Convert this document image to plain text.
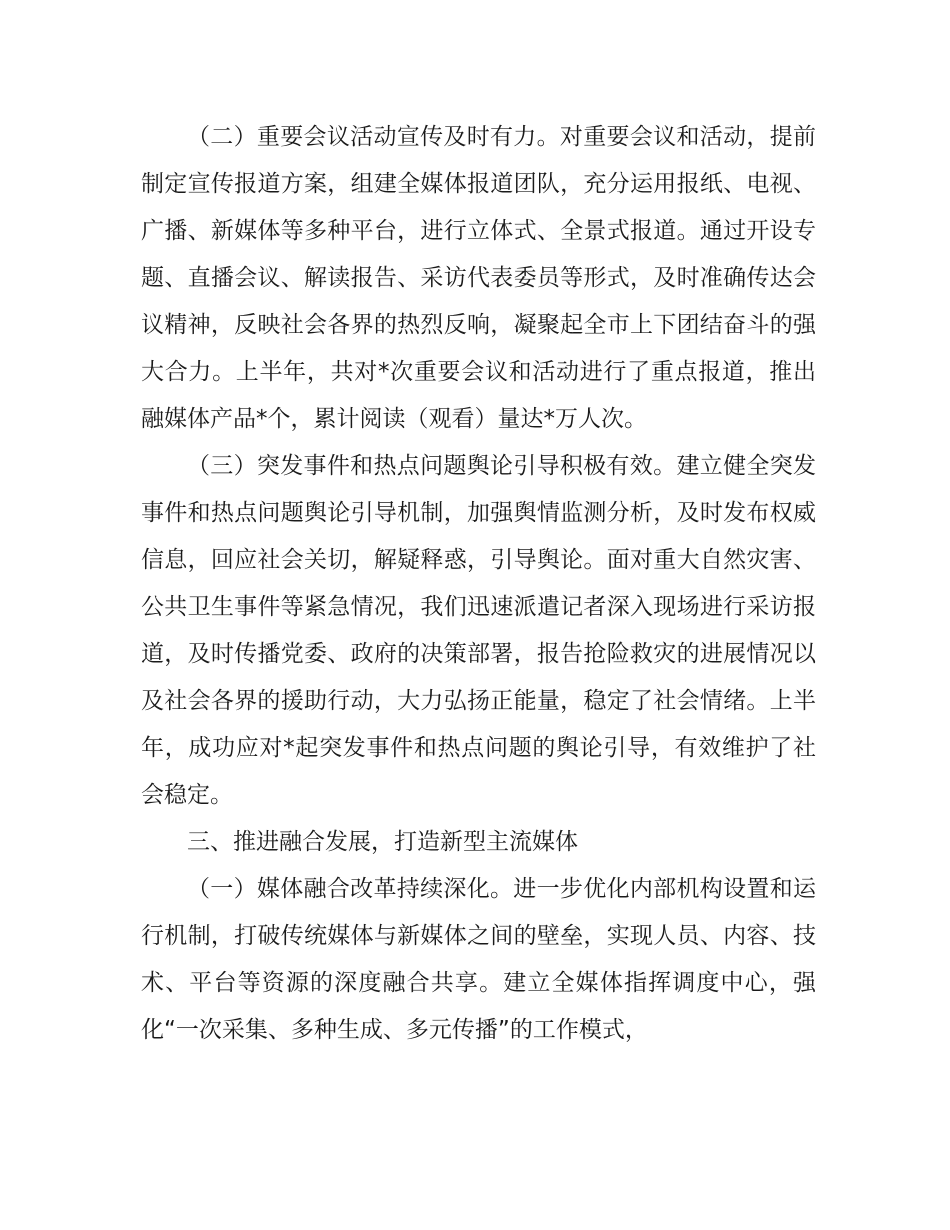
（二）重要会议活动宣传及时有力。对重要会议和活动，提前制定宣传报道方案，组建全媒体报道团队，充分运用报纸、电视、广播、新媒体等多种平台，进行立体式、全景式报道。通过开设专题、直播会议、解读报告、采访代表委员等形式，及时准确传达会议精神，反映社会各界的热烈反响，凝聚起全市上下团结奋斗的强大合力。上半年，共对*次重要会议和活动进行了重点报道，推出融媒体产品*个，累计阅读（观看）量达*万人次。

（三）突发事件和热点问题舆论引导积极有效。建立健全突发事件和热点问题舆论引导机制，加强舆情监测分析，及时发布权威信息，回应社会关切，解疑释惑，引导舆论。面对重大自然灾害、公共卫生事件等紧急情况，我们迅速派遣记者深入现场进行采访报道，及时传播党委、政府的决策部署，报告抢险救灾的进展情况以及社会各界的援助行动，大力弘扬正能量，稳定了社会情绪。上半年，成功应对*起突发事件和热点问题的舆论引导，有效维护了社会稳定。

三、推进融合发展，打造新型主流媒体

（一）媒体融合改革持续深化。进一步优化内部机构设置和运行机制，打破传统媒体与新媒体之间的壁垒，实现人员、内容、技术、平台等资源的深度融合共享。建立全媒体指挥调度中心，强化“一次采集、多种生成、多元传播”的工作模式，
